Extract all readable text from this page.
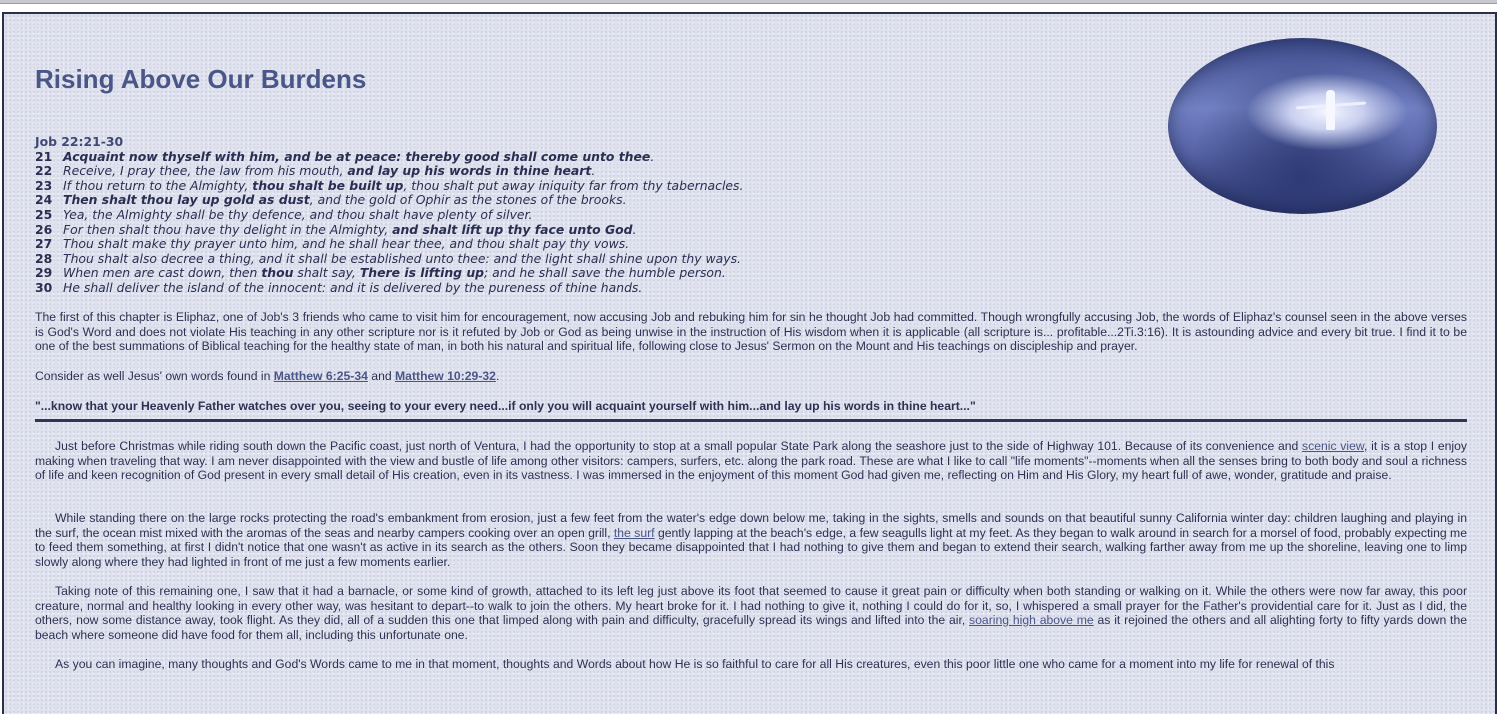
Rising Above Our Burdens
Job 22:21-30
21 Acquaint now thyself with him, and be at peace: thereby good shall come unto thee.
22 Receive, I pray thee, the law from his mouth, and lay up his words in thine heart.
23 If thou return to the Almighty, thou shalt be built up, thou shalt put away iniquity far from thy tabernacles.
24 Then shalt thou lay up gold as dust, and the gold of Ophir as the stones of the brooks.
25 Yea, the Almighty shall be thy defence, and thou shalt have plenty of silver.
26 For then shalt thou have thy delight in the Almighty, and shalt lift up thy face unto God.
27 Thou shalt make thy prayer unto him, and he shall hear thee, and thou shalt pay thy vows.
28 Thou shalt also decree a thing, and it shall be established unto thee: and the light shall shine upon thy ways.
29 When men are cast down, then thou shalt say, There is lifting up; and he shall save the humble person.
30 He shall deliver the island of the innocent: and it is delivered by the pureness of thine hands.
The first of this chapter is Eliphaz, one of Job's 3 friends who came to visit him for encouragement, now accusing Job and rebuking him for sin he thought Job had committed. Though wrongfully accusing Job, the words of Eliphaz's counsel seen in the above verses is God's Word and does not violate His teaching in any other scripture nor is it refuted by Job or God as being unwise in the instruction of His wisdom when it is applicable (all scripture is... profitable...2Ti.3:16). It is astounding advice and every bit true. I find it to be one of the best summations of Biblical teaching for the healthy state of man, in both his natural and spiritual life, following close to Jesus' Sermon on the Mount and His teachings on discipleship and prayer.
Consider as well Jesus' own words found in Matthew 6:25-34 and Matthew 10:29-32.
"...know that your Heavenly Father watches over you, seeing to your every need...if only you will acquaint yourself with him...and lay up his words in thine heart..."
Just before Christmas while riding south down the Pacific coast, just north of Ventura, I had the opportunity to stop at a small popular State Park along the seashore just to the side of Highway 101. Because of its convenience and scenic view, it is a stop I enjoy making when traveling that way. I am never disappointed with the view and bustle of life among other visitors: campers, surfers, etc. along the park road. These are what I like to call "life moments"--moments when all the senses bring to both body and soul a richness of life and keen recognition of God present in every small detail of His creation, even in its vastness. I was immersed in the enjoyment of this moment God had given me, reflecting on Him and His Glory, my heart full of awe, wonder, gratitude and praise.
While standing there on the large rocks protecting the road's embankment from erosion, just a few feet from the water's edge down below me, taking in the sights, smells and sounds on that beautiful sunny California winter day: children laughing and playing in the surf, the ocean mist mixed with the aromas of the seas and nearby campers cooking over an open grill, the surf gently lapping at the beach's edge, a few seagulls light at my feet. As they began to walk around in search for a morsel of food, probably expecting me to feed them something, at first I didn't notice that one wasn't as active in its search as the others. Soon they became disappointed that I had nothing to give them and began to extend their search, walking farther away from me up the shoreline, leaving one to limp slowly along where they had lighted in front of me just a few moments earlier.
Taking note of this remaining one, I saw that it had a barnacle, or some kind of growth, attached to its left leg just above its foot that seemed to cause it great pain or difficulty when both standing or walking on it. While the others were now far away, this poor creature, normal and healthy looking in every other way, was hesitant to depart--to walk to join the others. My heart broke for it. I had nothing to give it, nothing I could do for it, so, I whispered a small prayer for the Father's providential care for it. Just as I did, the others, now some distance away, took flight. As they did, all of a sudden this one that limped along with pain and difficulty, gracefully spread its wings and lifted into the air, soaring high above me as it rejoined the others and all alighting forty to fifty yards down the beach where someone did have food for them all, including this unfortunate one.
As you can imagine, many thoughts and God's Words came to me in that moment, thoughts and Words about how He is so faithful to care for all His creatures, even this poor little one who came for a moment into my life for renewal of this
